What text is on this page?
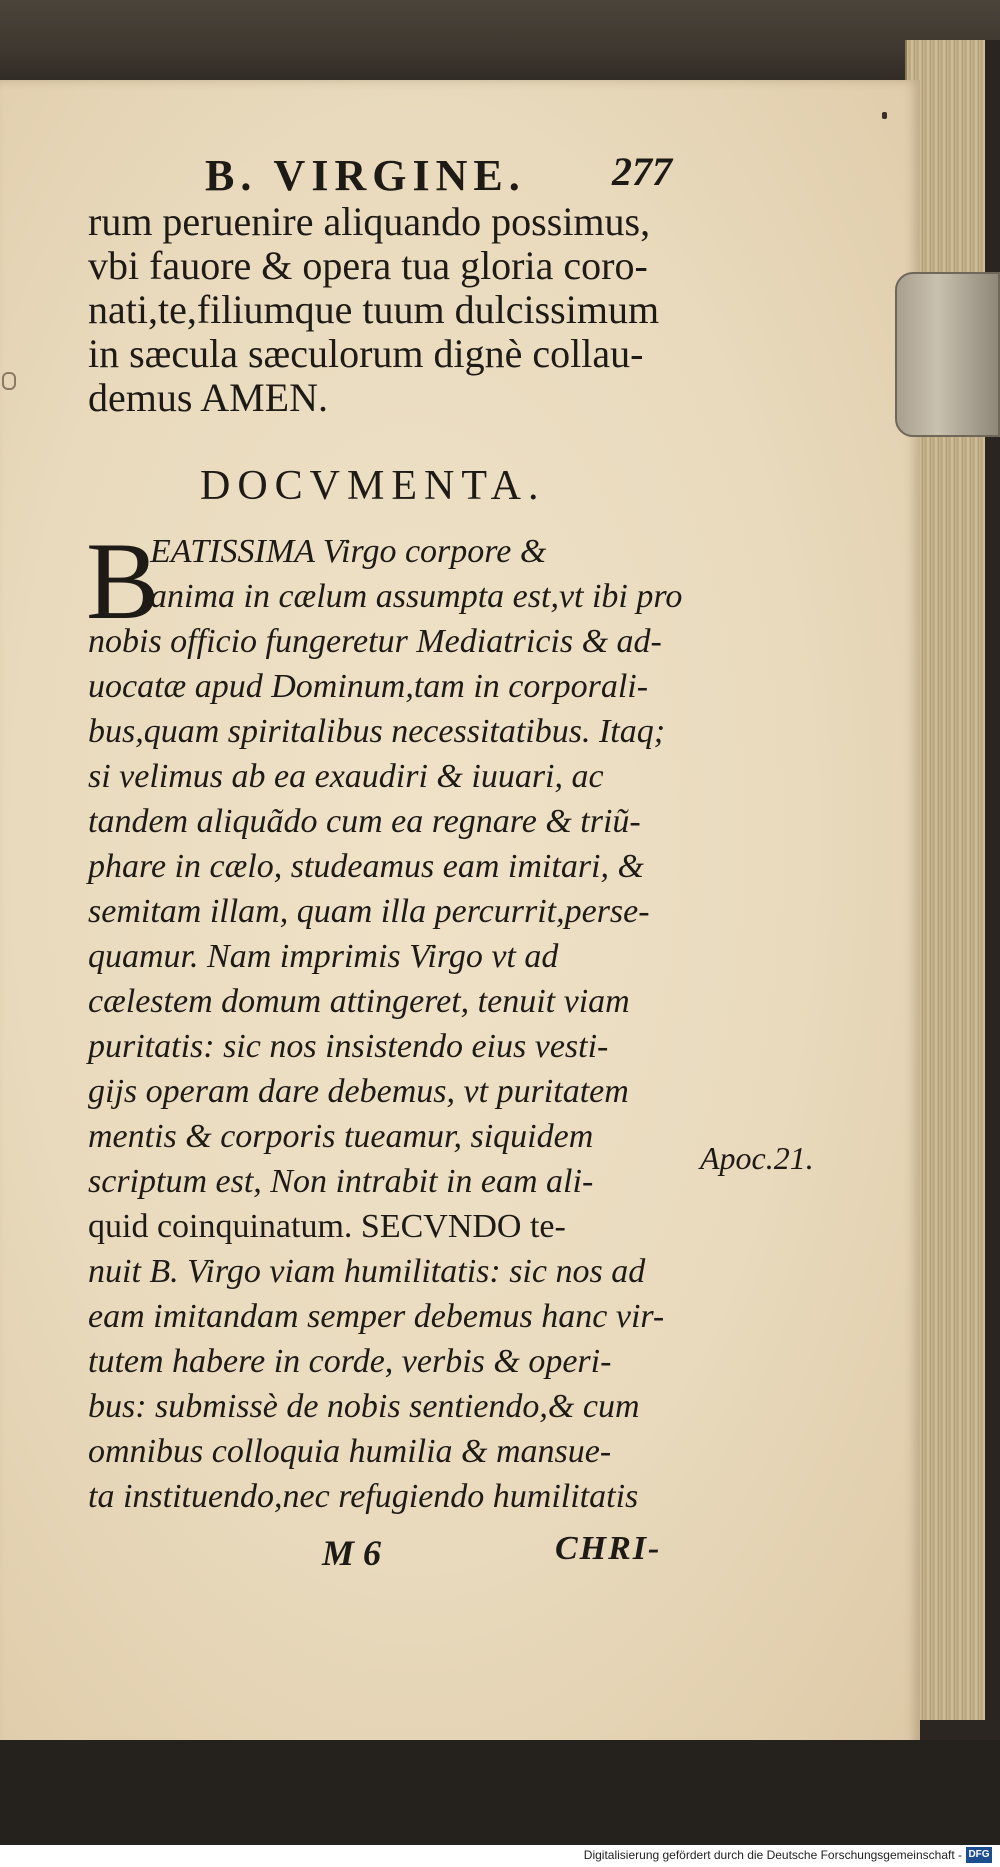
B. VIRGINE. 277
rum peruenire aliquando possimus,
vbi fauore & opera tua gloria coro-
nati,te,filiumque tuum dulcissimum
in sæcula sæculorum dignè collau-
demus AMEN.
DOCVMENTA.
B
EATISSIMA Virgo corpore &
anima in cælum assumpta est,vt ibi pro
nobis officio fungeretur Mediatricis & ad-
uocatæ apud Dominum,tam in corporali-
bus,quam spiritalibus necessitatibus. Itaq;
si velimus ab ea exaudiri & iuuari, ac
tandem aliquãdo cum ea regnare & triũ-
phare in cælo, studeamus eam imitari, &
semitam illam, quam illa percurrit,perse-
quamur. Nam imprimis Virgo vt ad
cælestem domum attingeret, tenuit viam
puritatis: sic nos insistendo eius vesti-
gijs operam dare debemus, vt puritatem
mentis & corporis tueamur, siquidem
scriptum est, Non intrabit in eam ali-
quid coinquinatum. SECVNDO te-
nuit B. Virgo viam humilitatis: sic nos ad
eam imitandam semper debemus hanc vir-
tutem habere in corde, verbis & operi-
bus: submissè de nobis sentiendo,& cum
omnibus colloquia humilia & mansue-
ta instituendo,nec refugiendo humilitatis
Apoc.21.
M 6	CHRI-
Digitalisierung gefördert durch die Deutsche Forschungsgemeinschaft - DFG
